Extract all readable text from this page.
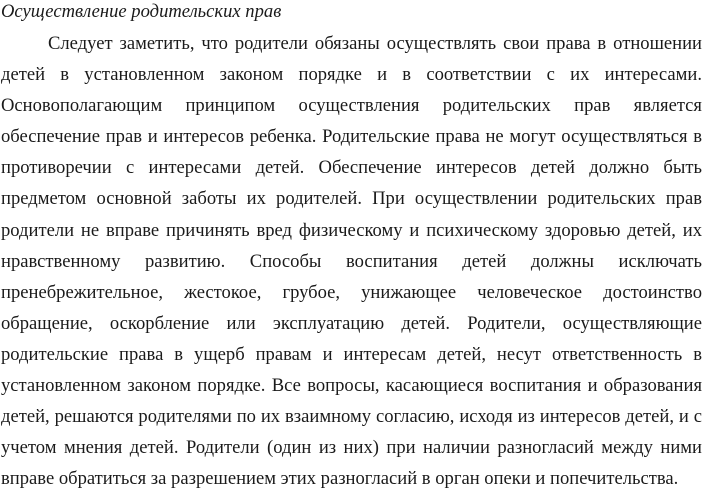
Осуществление родительских прав

Следует заметить, что родители обязаны осуществлять свои права в отношении детей в установленном законом порядке и в соответствии с их интересами. Основополагающим принципом осуществления родительских прав является обеспечение прав и интересов ребенка. Родительские права не могут осуществляться в противоречии с интересами детей. Обеспечение интересов детей должно быть предметом основной заботы их родителей. При осуществлении родительских прав родители не вправе причинять вред физическому и психическому здоровью детей, их нравственному развитию. Способы воспитания детей должны исключать пренебрежительное, жестокое, грубое, унижающее человеческое достоинство обращение, оскорбление или эксплуатацию детей. Родители, осуществляющие родительские права в ущерб правам и интересам детей, несут ответственность в установленном законом порядке. Все вопросы, касающиеся воспитания и образования детей, решаются родителями по их взаимному согласию, исходя из интересов детей, и с учетом мнения детей. Родители (один из них) при наличии разногласий между ними вправе обратиться за разрешением этих разногласий в орган опеки и попечительства.
